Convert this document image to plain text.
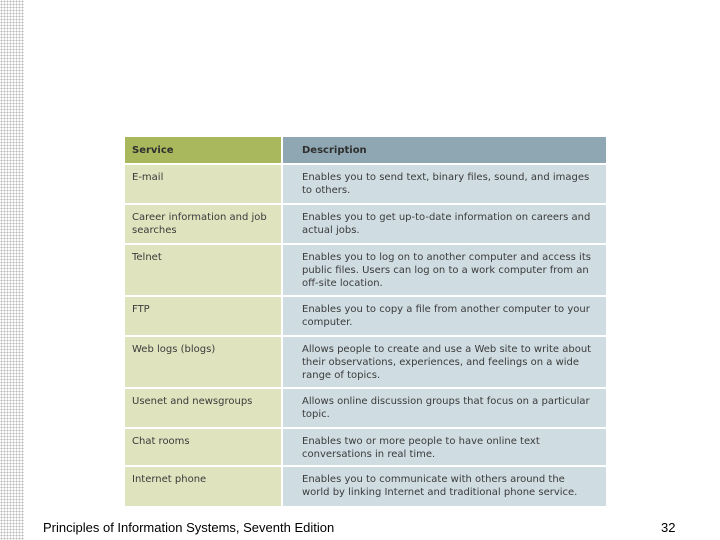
Service	Description
E-mail	Enables you to send text, binary files, sound, and images to others.
Career information and job searches	Enables you to get up-to-date information on careers and actual jobs.
Telnet	Enables you to log on to another computer and access its public files. Users can log on to a work computer from an off-site location.
FTP	Enables you to copy a file from another computer to your computer.
Web logs (blogs)	Allows people to create and use a Web site to write about their observations, experiences, and feelings on a wide range of topics.
Usenet and newsgroups	Allows online discussion groups that focus on a particular topic.
Chat rooms	Enables two or more people to have online text conversations in real time.
Internet phone	Enables you to communicate with others around the world by linking Internet and traditional phone service.
Principles of Information Systems, Seventh Edition	32
